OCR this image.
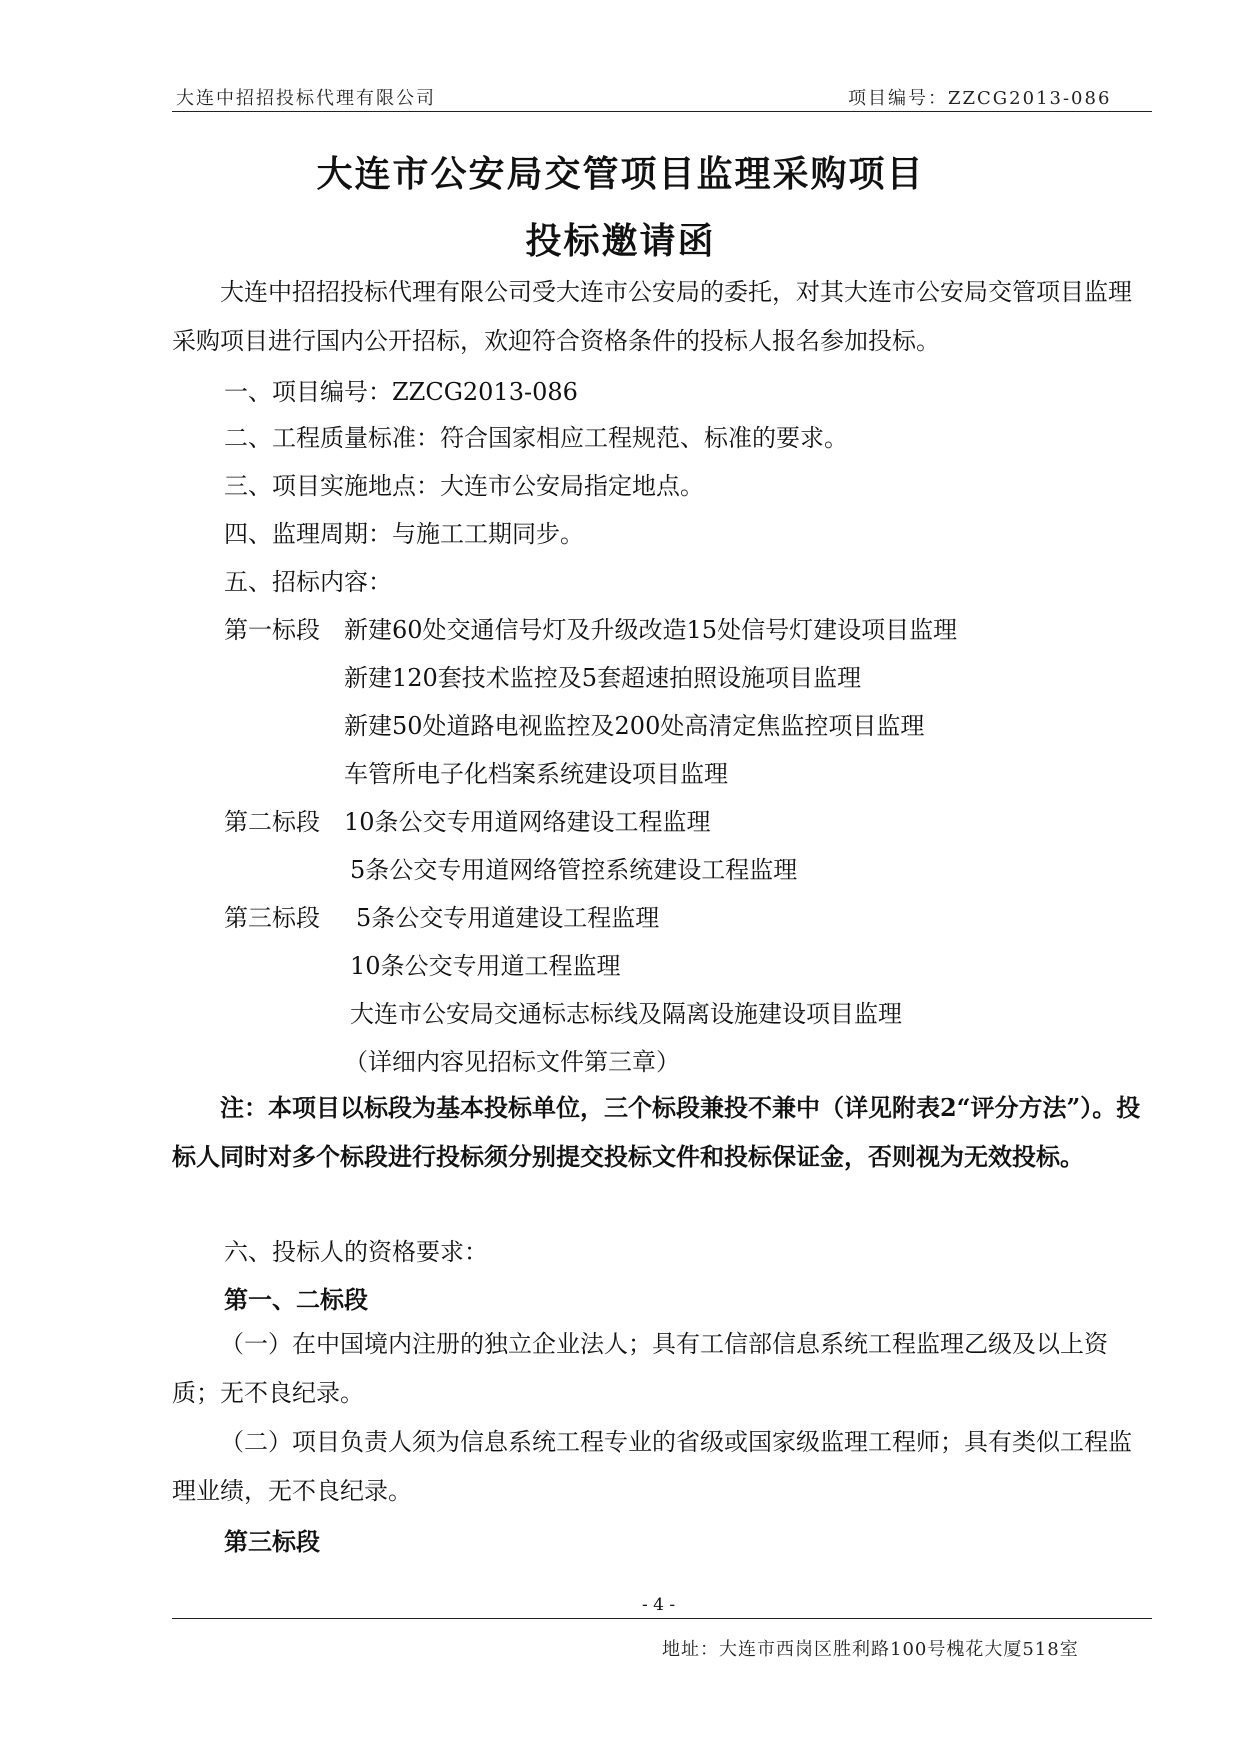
大连中招招投标代理有限公司	项目编号：ZZCG2013-086
大连市公安局交管项目监理采购项目
投标邀请函
大连中招招投标代理有限公司受大连市公安局的委托，对其大连市公安局交管项目监理采购项目进行国内公开招标，欢迎符合资格条件的投标人报名参加投标。
一、项目编号：ZZCG2013-086
二、工程质量标准：符合国家相应工程规范、标准的要求。
三、项目实施地点：大连市公安局指定地点。
四、监理周期：与施工工期同步。
五、招标内容：
第一标段 新建60处交通信号灯及升级改造15处信号灯建设项目监理
新建120套技术监控及5套超速拍照设施项目监理
新建50处道路电视监控及200处高清定焦监控项目监理
车管所电子化档案系统建设项目监理
第二标段 10条公交专用道网络建设工程监理
5条公交专用道网络管控系统建设工程监理
第三标段 5条公交专用道建设工程监理
10条公交专用道工程监理
大连市公安局交通标志标线及隔离设施建设项目监理
（详细内容见招标文件第三章）
注：本项目以标段为基本投标单位，三个标段兼投不兼中（详见附表2“评分方法”）。投标人同时对多个标段进行投标须分别提交投标文件和投标保证金，否则视为无效投标。
六、投标人的资格要求：
第一、二标段
（一）在中国境内注册的独立企业法人；具有工信部信息系统工程监理乙级及以上资质；无不良纪录。
（二）项目负责人须为信息系统工程专业的省级或国家级监理工程师；具有类似工程监理业绩，无不良纪录。
第三标段
- 4 -
地址：大连市西岗区胜利路100号槐花大厦518室
